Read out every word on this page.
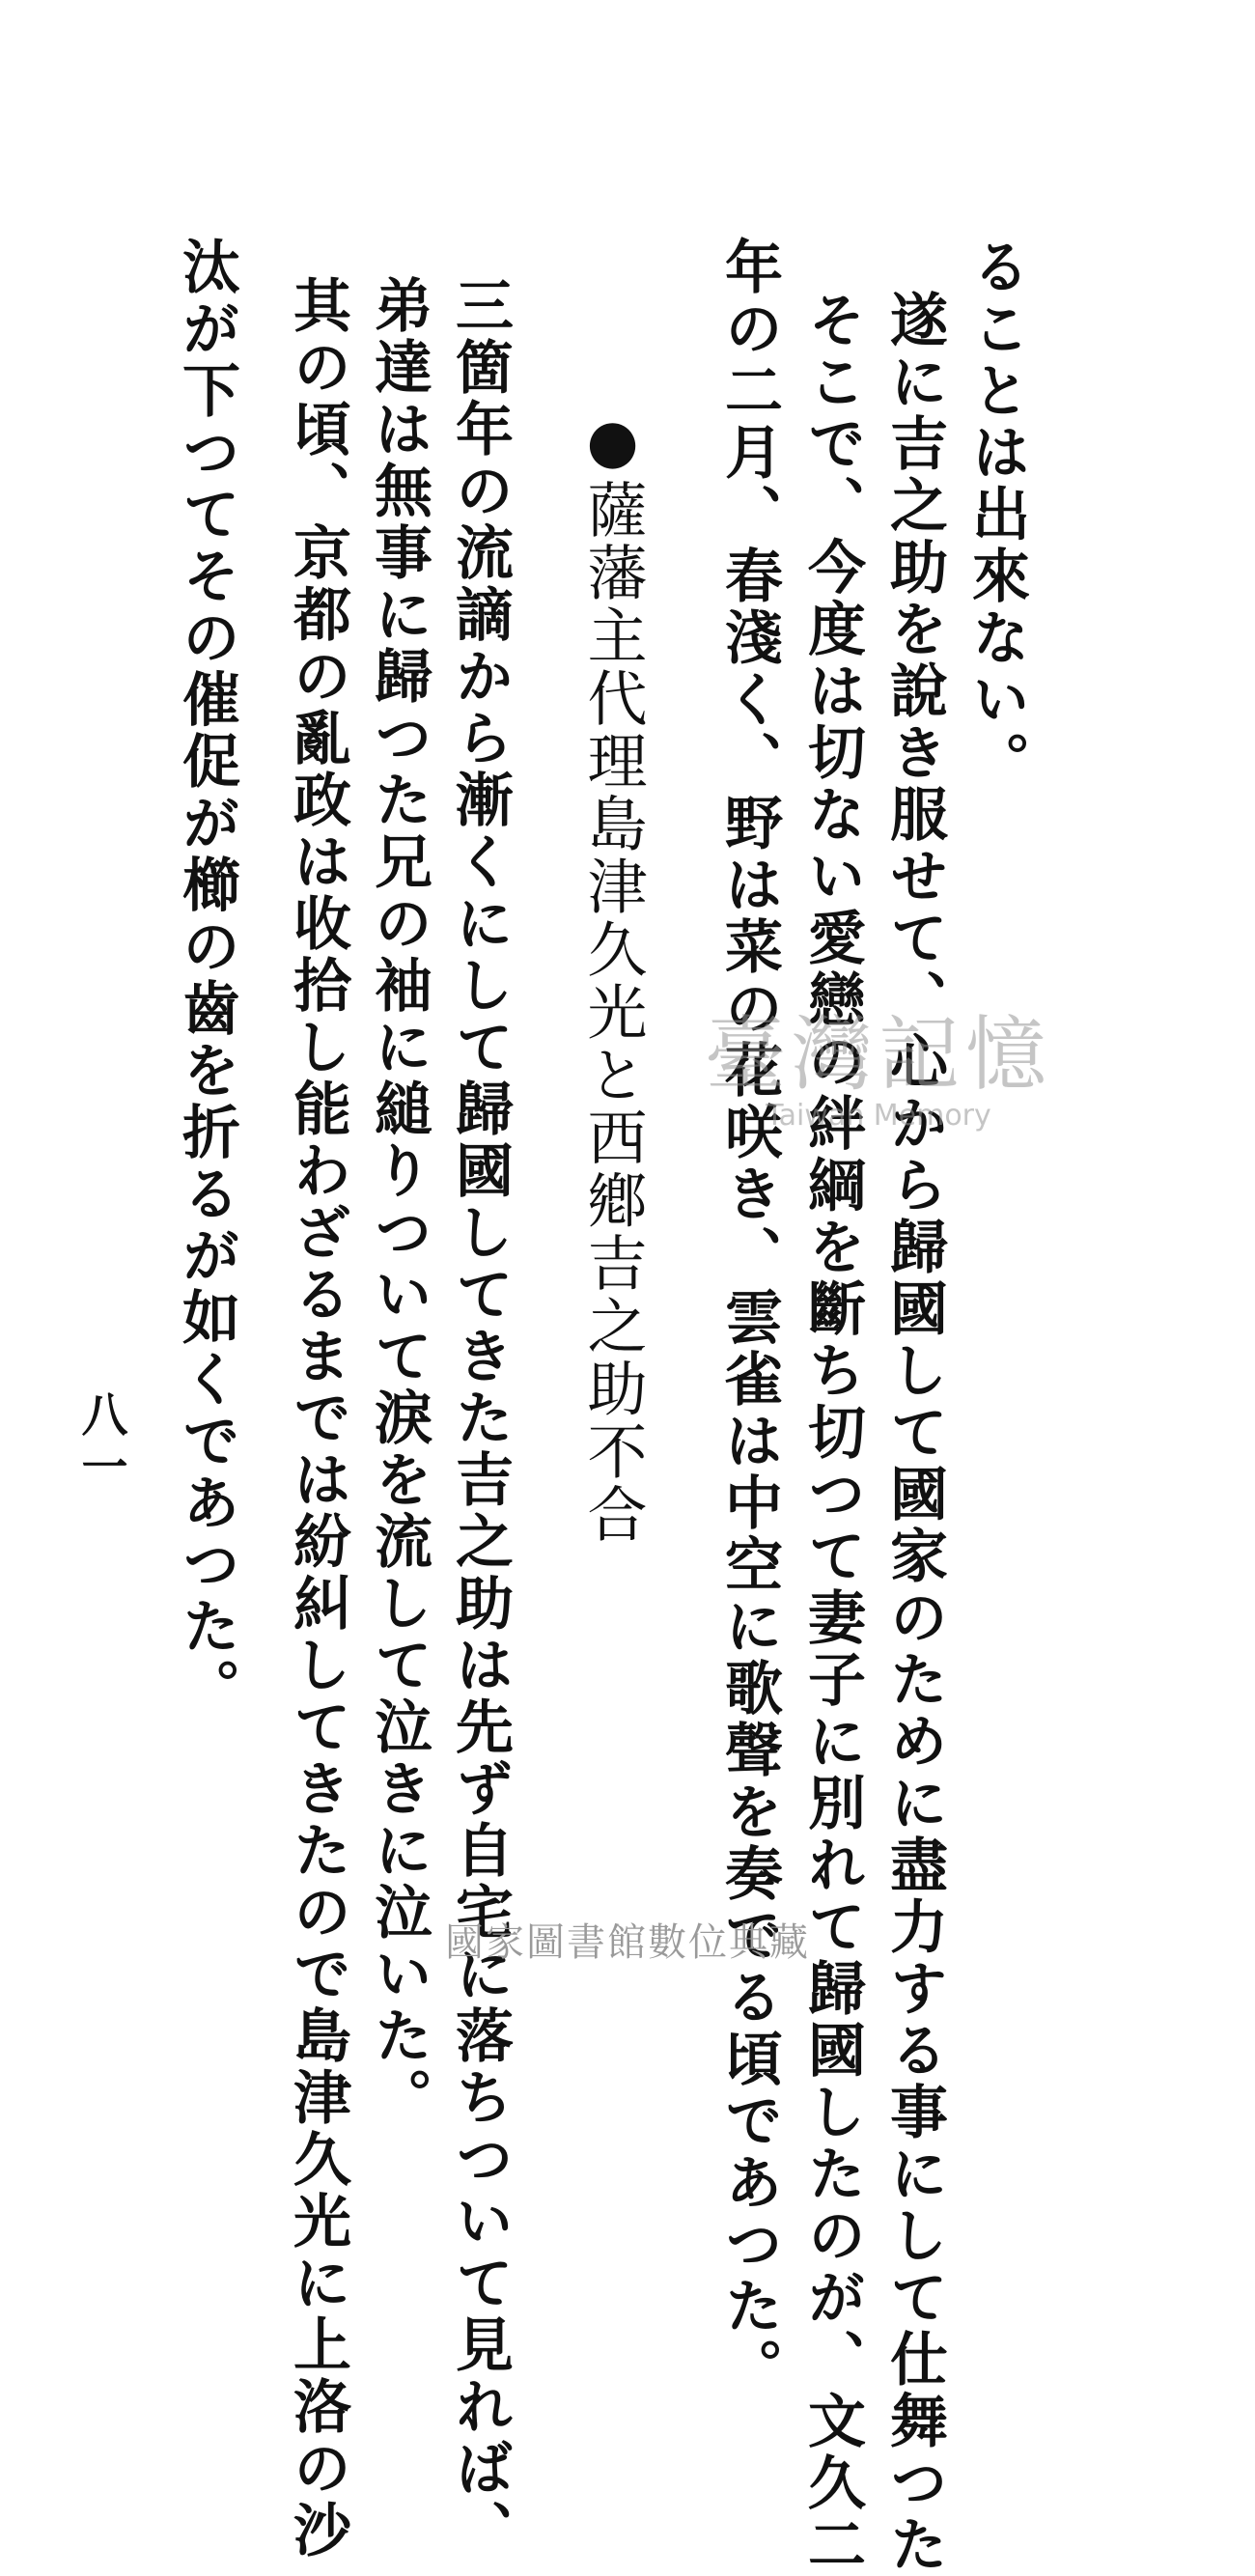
ることは出來ない。
遂に吉之助を說き服せて、心から歸國して國家のために盡力する事にして仕舞つた
そこで、今度は切ない愛戀の絆綱を斷ち切つて妻子に別れて歸國したのが、文久二
年の二月、春淺く、野は菜の花咲き、雲雀は中空に歌聲を奏でる頃であつた。
●薩藩主代理島津久光と西鄕吉之助不合
三箇年の流謫から漸くにして歸國してきた吉之助は先ず自宅に落ちついて見れば、
弟達は無事に歸つた兄の袖に縋りついて淚を流して泣きに泣いた。
其の頃、京都の亂政は收拾し能わざるまでは紛糾してきたので島津久光に上洛の沙
汰が下つてその催促が櫛の齒を折るが如くであつた。
八一
臺灣記憶
Taiwan Memory
國家圖書館數位典藏
